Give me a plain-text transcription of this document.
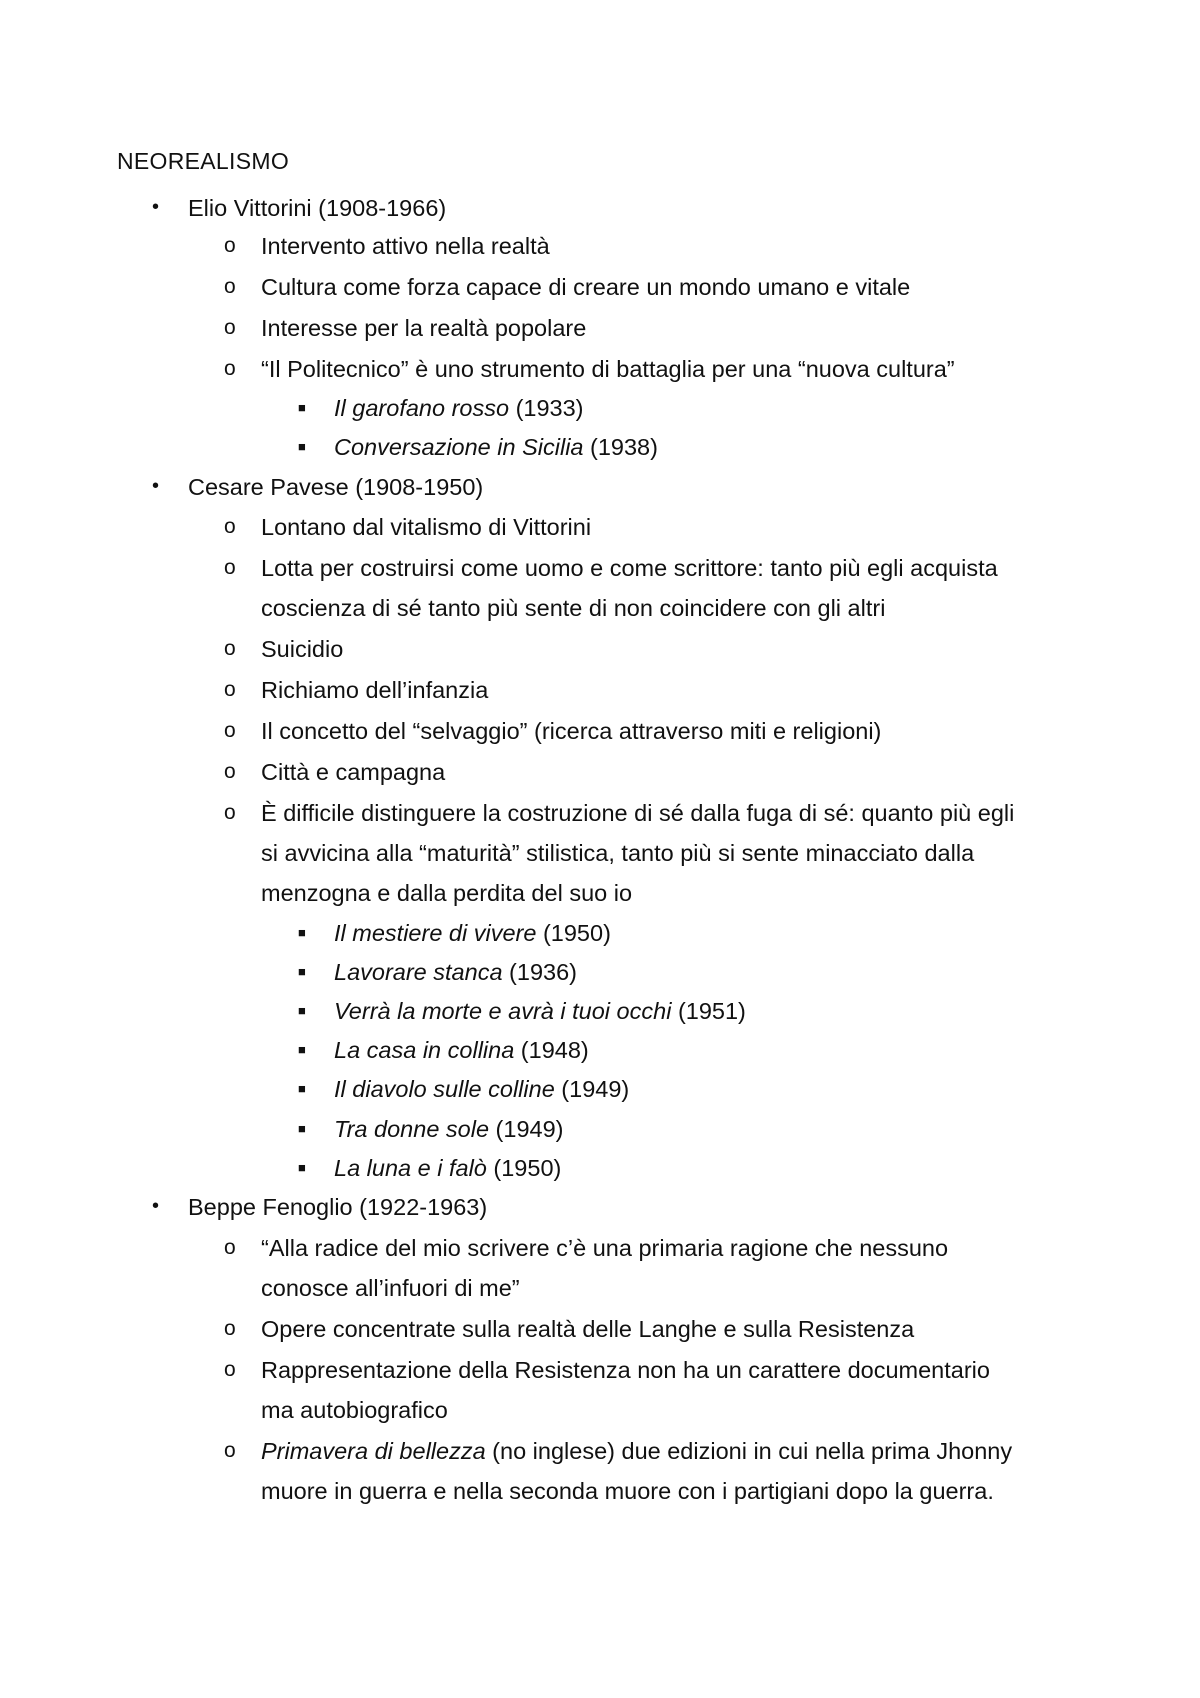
NEOREALISMO
• Elio Vittorini (1908-1966)
o Intervento attivo nella realtà
o Cultura come forza capace di creare un mondo umano e vitale
o Interesse per la realtà popolare
o “Il Politecnico” è uno strumento di battaglia per una “nuova cultura”
■ Il garofano rosso (1933)
■ Conversazione in Sicilia (1938)
• Cesare Pavese (1908-1950)
o Lontano dal vitalismo di Vittorini
o Lotta per costruirsi come uomo e come scrittore: tanto più egli acquista
coscienza di sé tanto più sente di non coincidere con gli altri
o Suicidio
o Richiamo dell’infanzia
o Il concetto del “selvaggio” (ricerca attraverso miti e religioni)
o Città e campagna
o È difficile distinguere la costruzione di sé dalla fuga di sé: quanto più egli
si avvicina alla “maturità” stilistica, tanto più si sente minacciato dalla
menzogna e dalla perdita del suo io
■ Il mestiere di vivere (1950)
■ Lavorare stanca (1936)
■ Verrà la morte e avrà i tuoi occhi (1951)
■ La casa in collina (1948)
■ Il diavolo sulle colline (1949)
■ Tra donne sole (1949)
■ La luna e i falò (1950)
• Beppe Fenoglio (1922-1963)
o “Alla radice del mio scrivere c’è una primaria ragione che nessuno
conosce all’infuori di me”
o Opere concentrate sulla realtà delle Langhe e sulla Resistenza
o Rappresentazione della Resistenza non ha un carattere documentario
ma autobiografico
o Primavera di bellezza (no inglese) due edizioni in cui nella prima Jhonny
muore in guerra e nella seconda muore con i partigiani dopo la guerra.
